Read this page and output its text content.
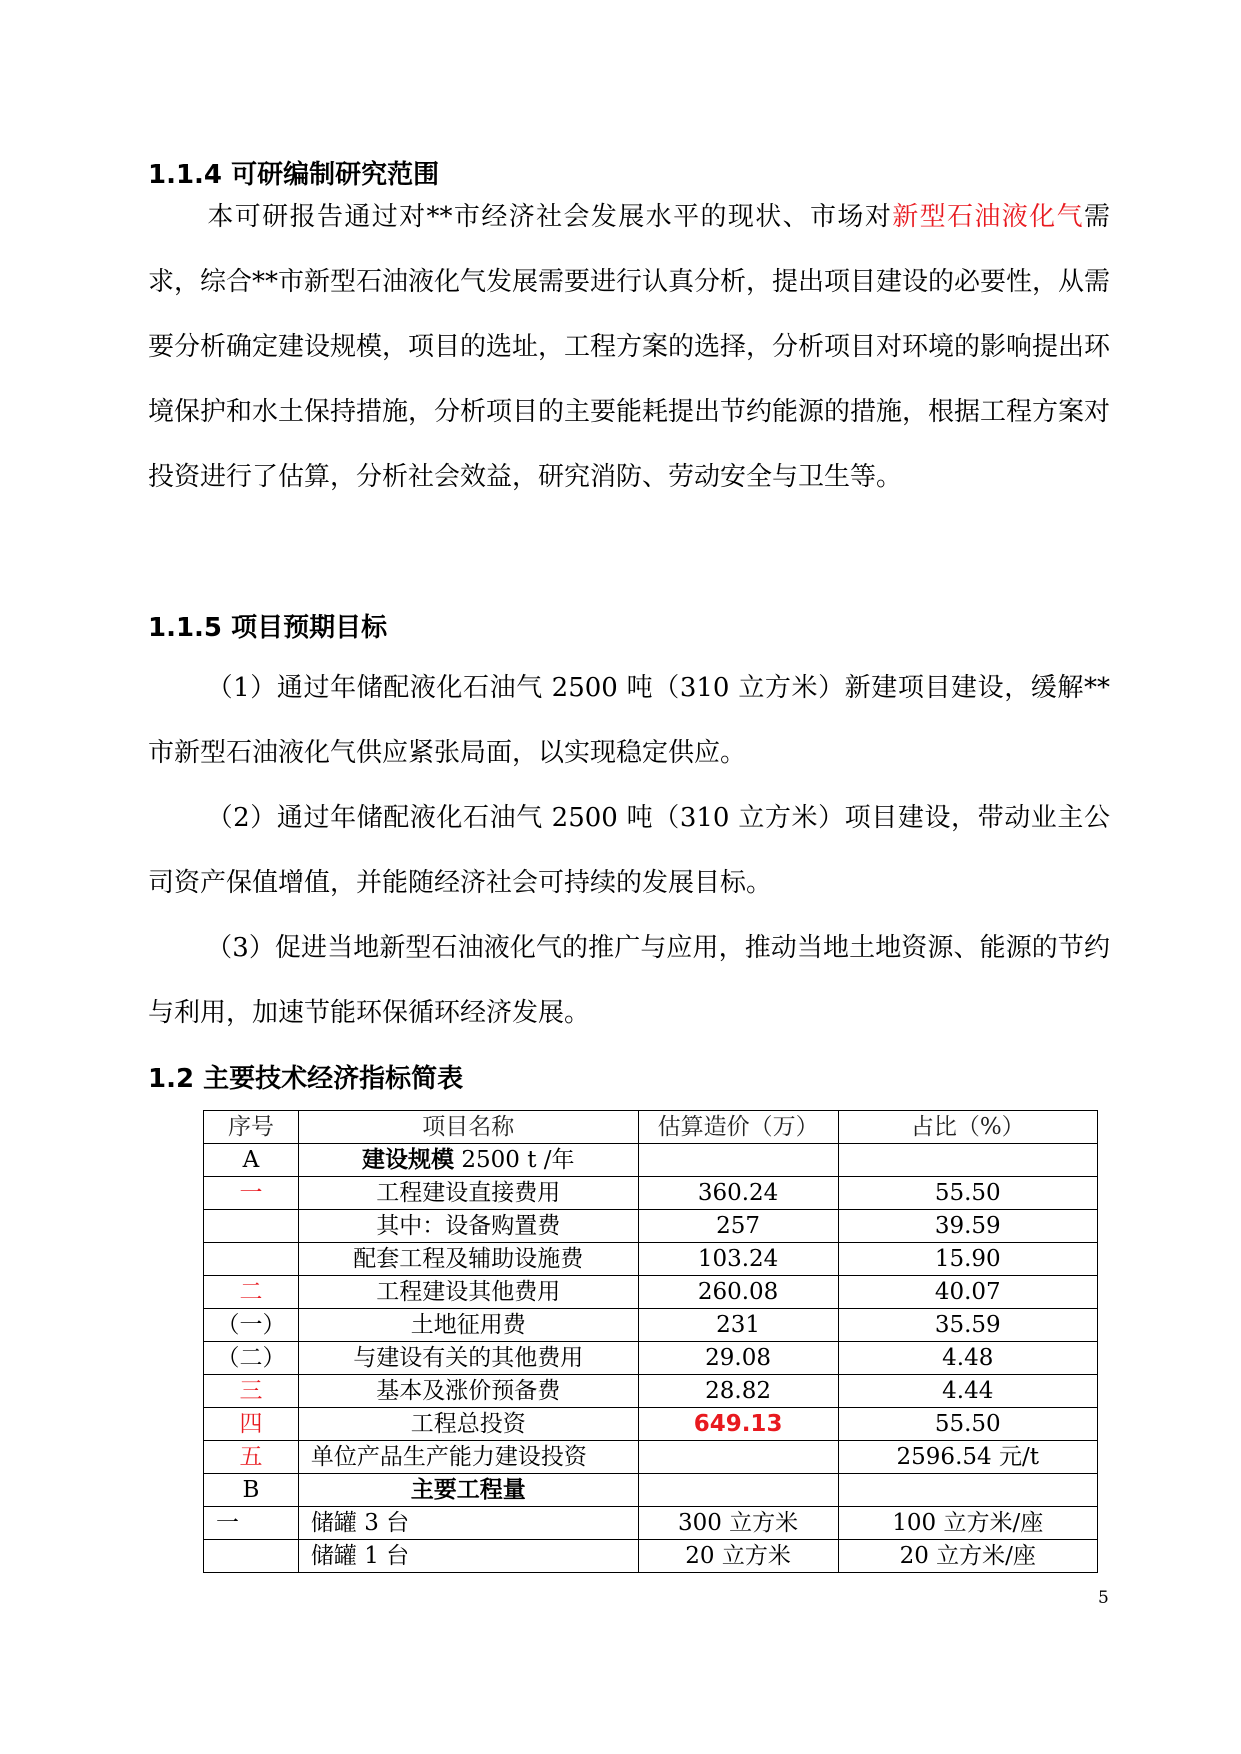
1.1.4 可研编制研究范围

本可研报告通过对**市经济社会发展水平的现状、市场对新型石油液化气需求，综合**市新型石油液化气发展需要进行认真分析，提出项目建设的必要性，从需要分析确定建设规模，项目的选址，工程方案的选择，分析项目对环境的影响提出环境保护和水土保持措施，分析项目的主要能耗提出节约能源的措施，根据工程方案对投资进行了估算，分析社会效益，研究消防、劳动安全与卫生等。

1.1.5 项目预期目标

（1）通过年储配液化石油气 2500 吨（310 立方米）新建项目建设，缓解**市新型石油液化气供应紧张局面，以实现稳定供应。

（2）通过年储配液化石油气 2500 吨（310 立方米）项目建设，带动业主公司资产保值增值，并能随经济社会可持续的发展目标。

（3）促进当地新型石油液化气的推广与应用，推动当地土地资源、能源的节约与利用，加速节能环保循环经济发展。

1.2 主要技术经济指标简表
序号	项目名称	估算造价（万）	占比（%）
A	建设规模 2500 t /年		
一	工程建设直接费用	360.24	55.50
	其中：设备购置费	257	39.59
	配套工程及辅助设施费	103.24	15.90
二	工程建设其他费用	260.08	40.07
（一）	土地征用费	231	35.59
（二）	与建设有关的其他费用	29.08	4.48
三	基本及涨价预备费	28.82	4.44
四	工程总投资	649.13	55.50
五	单位产品生产能力建设投资		2596.54 元/t
B	主要工程量		
一	储罐 3 台	300 立方米	100 立方米/座
	储罐 1 台	20 立方米	20 立方米/座
5
